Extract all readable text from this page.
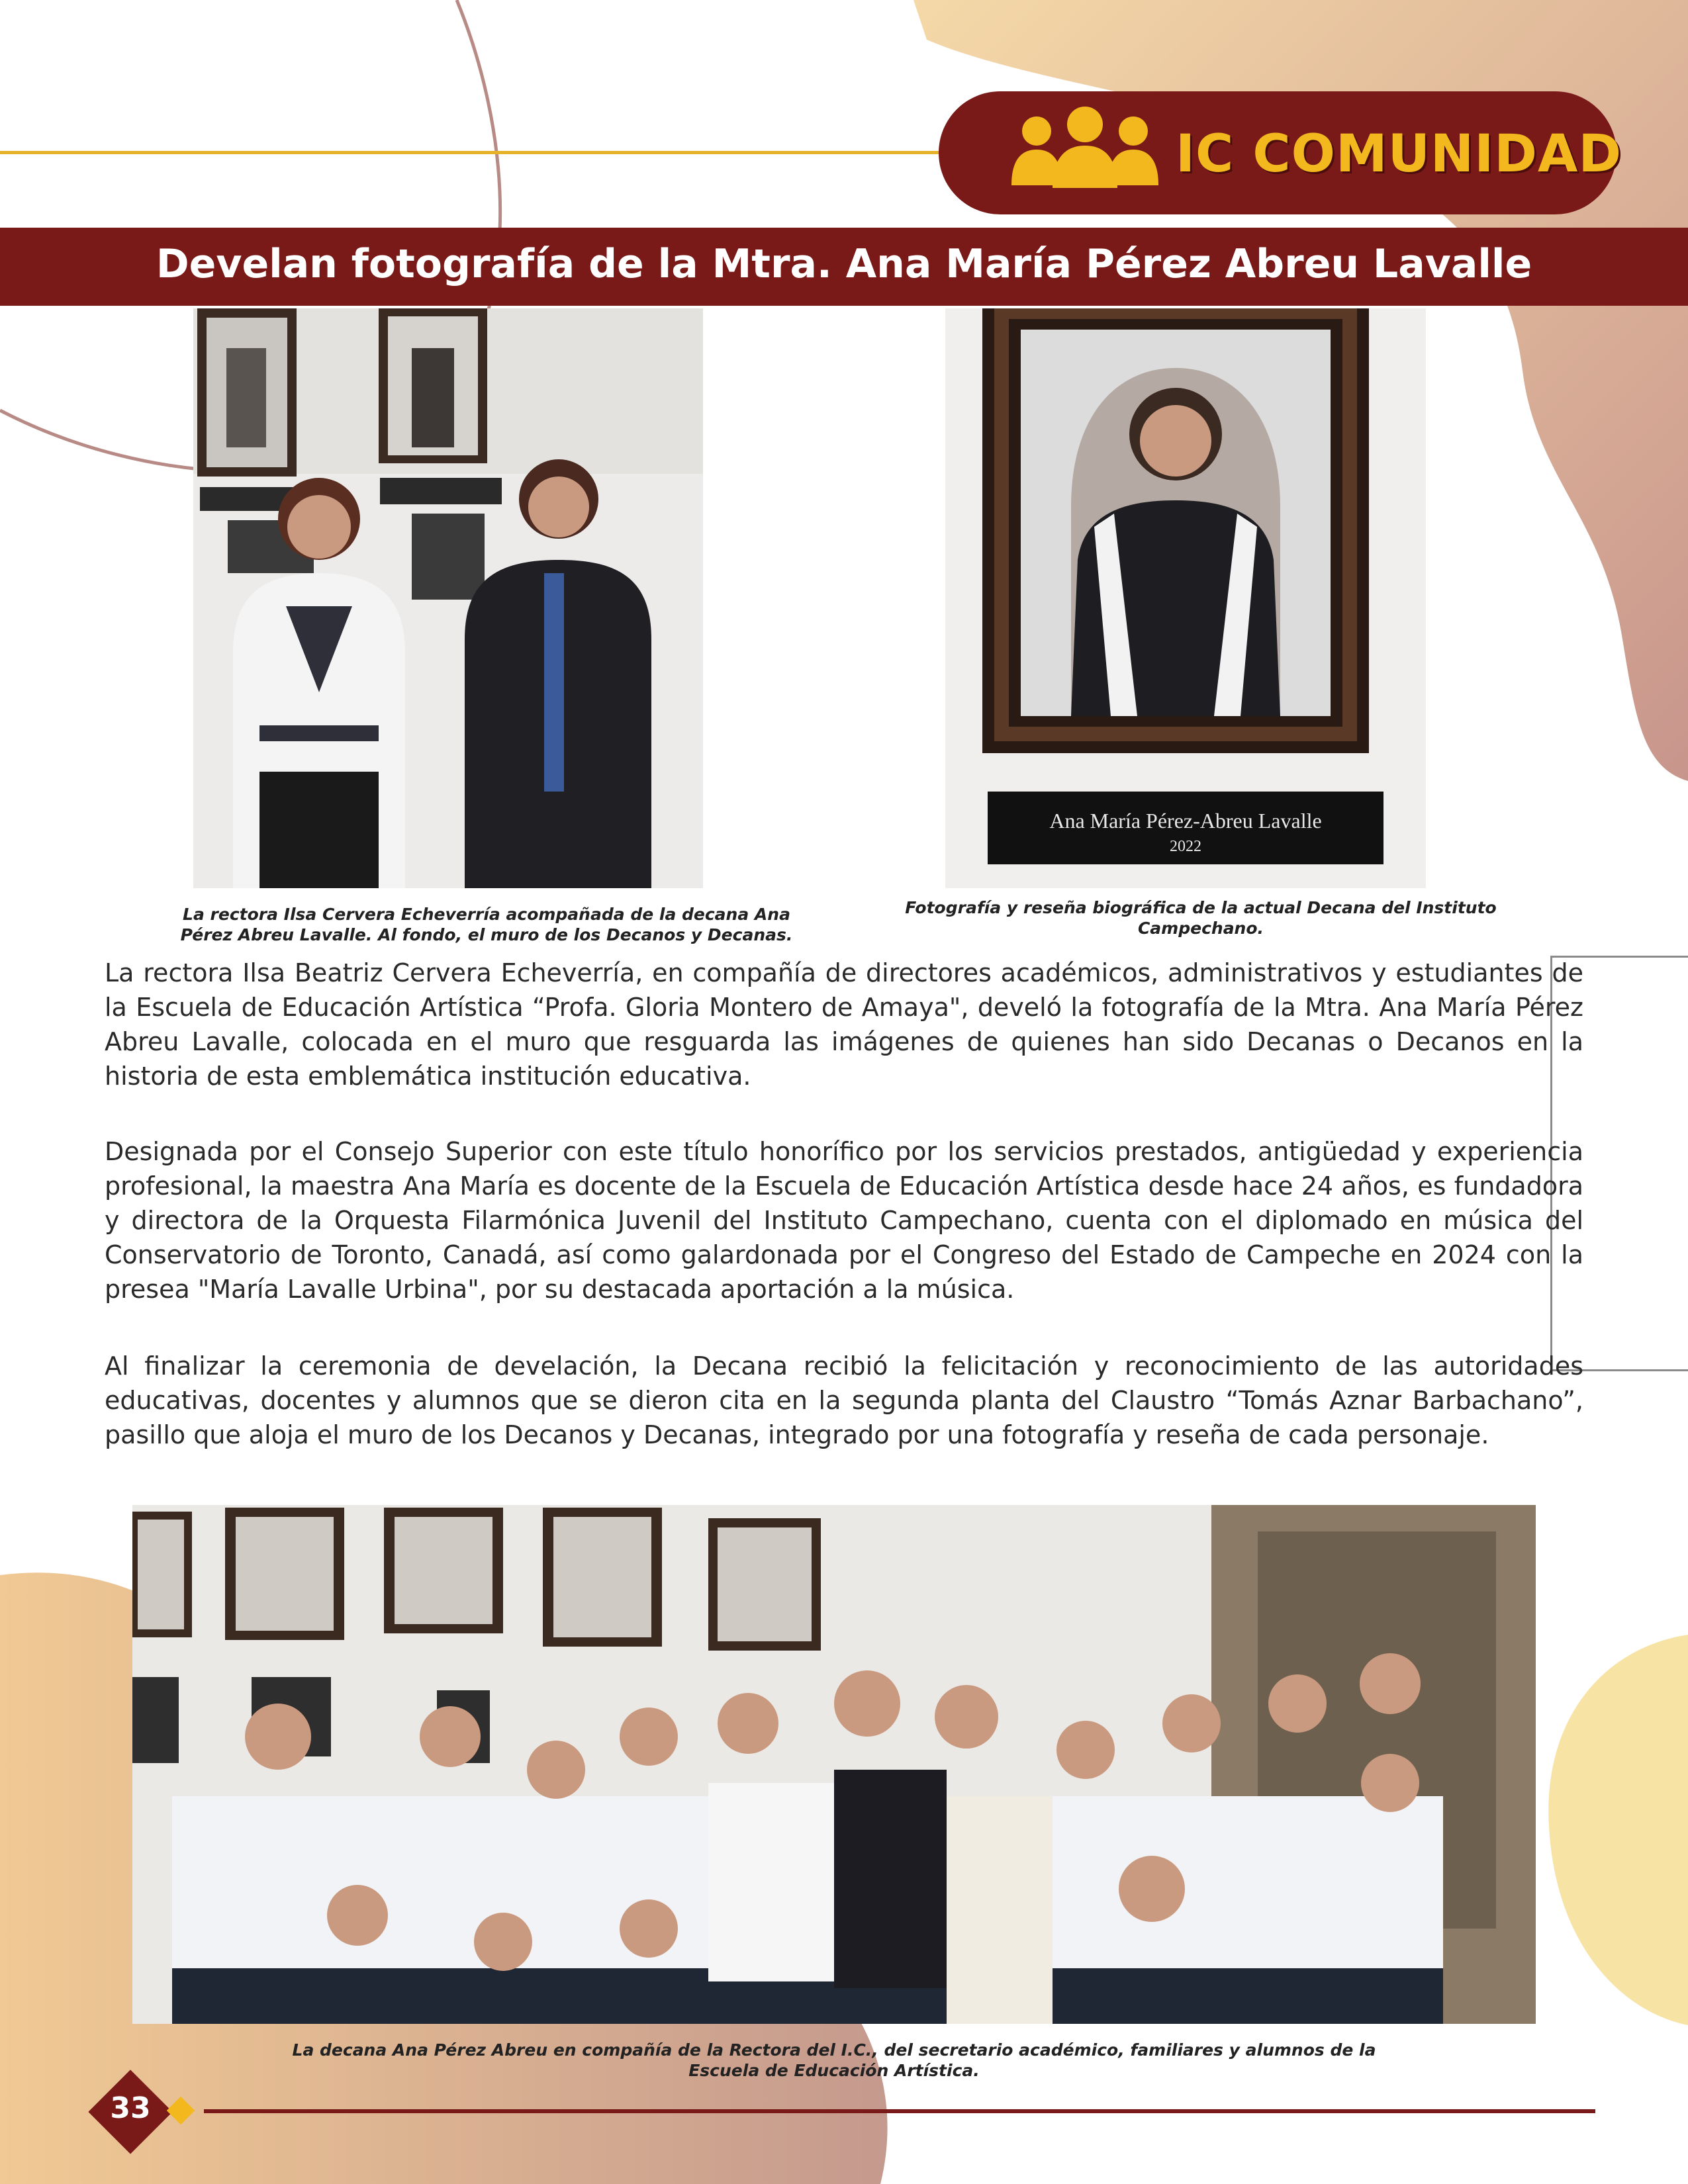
IC COMUNIDAD
Develan fotografía de la Mtra. Ana María Pérez Abreu Lavalle
La rectora Ilsa Cervera Echeverría acompañada de la decana Ana Pérez Abreu Lavalle. Al fondo, el muro de los Decanos y Decanas.
Ana María Pérez-Abreu Lavalle
2022
Fotografía y reseña biográfica de la actual Decana del Instituto Campechano.

La rectora Ilsa Beatriz Cervera Echeverría, en compañía de directores académicos, administrativos y estudiantes de la Escuela de Educación Artística “Profa. Gloria Montero de Amaya", develó la fotografía de la Mtra. Ana María Pérez Abreu Lavalle, colocada en el muro que resguarda las imágenes de quienes han sido Decanas o Decanos en la historia de esta emblemática institución educativa.

Designada por el Consejo Superior con este título honorífico por los servicios prestados, antigüedad y experiencia profesional, la maestra Ana María es docente de la Escuela de Educación Artística desde hace 24 años, es fundadora y directora de la Orquesta Filarmónica Juvenil del Instituto Campechano, cuenta con el diplomado en música del Conservatorio de Toronto, Canadá, así como galardonada por el Congreso del Estado de Campeche en 2024 con la presea "María Lavalle Urbina", por su destacada aportación a la música.

Al finalizar la ceremonia de develación, la Decana recibió la felicitación y reconocimiento de las autoridades educativas, docentes y alumnos que se dieron cita en la segunda planta del Claustro “Tomás Aznar Barbachano”, pasillo que aloja el muro de los Decanos y Decanas, integrado por una fotografía y reseña de cada personaje.

La decana Ana Pérez Abreu en compañía de la Rectora del I.C., del secretario académico, familiares y alumnos de la Escuela de Educación Artística.
33
